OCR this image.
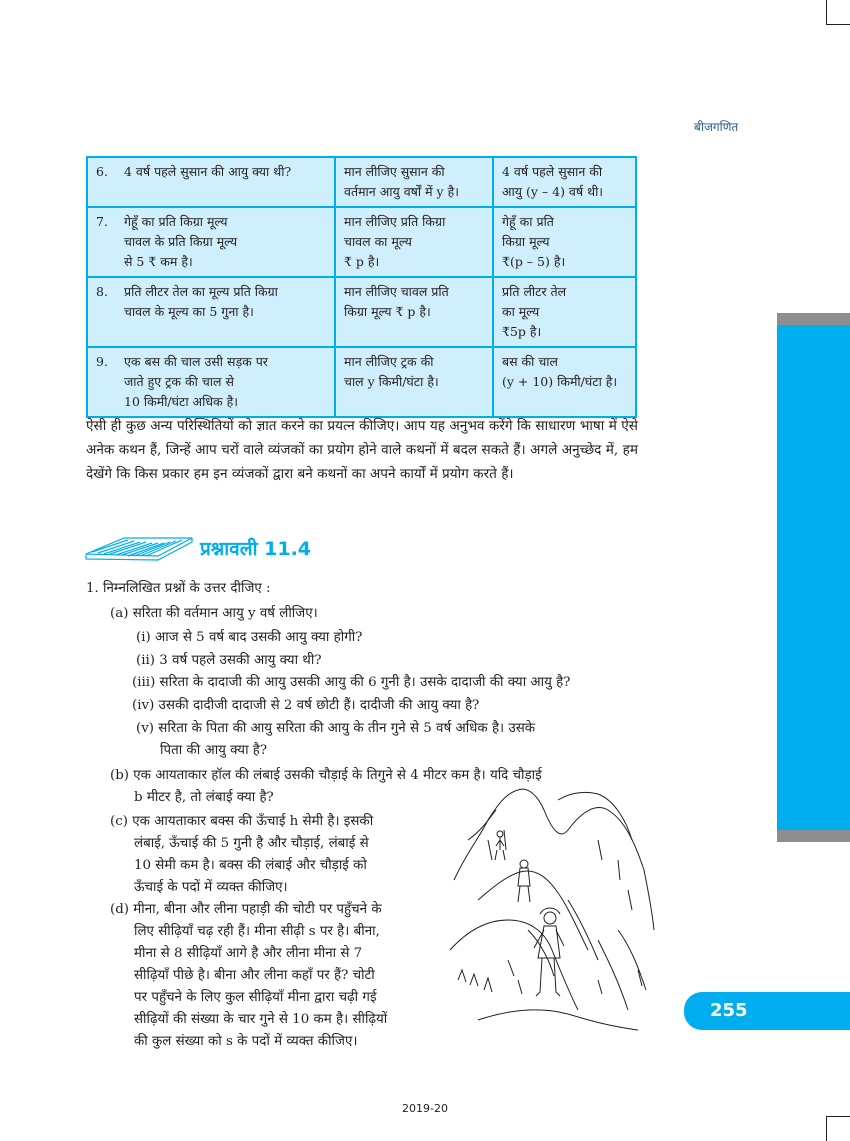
बीजगणित
6. 4 वर्ष पहले सुसान की आयु क्या थी?	मान लीजिए सुसान की
वर्तमान आयु वर्षों में y है।	4 वर्ष पहले सुसान की
आयु (y – 4) वर्ष थी।
7. गेहूँ का प्रति किग्रा मूल्य
चावल के प्रति किग्रा मूल्य
से 5 ₹ कम है।	मान लीजिए प्रति किग्रा
चावल का मूल्य
₹ p है।	गेहूँ का प्रति
किग्रा मूल्य
₹(p – 5) है।
8. प्रति लीटर तेल का मूल्य प्रति किग्रा
चावल के मूल्य का 5 गुना है।	मान लीजिए चावल प्रति
किग्रा मूल्य ₹ p है।	प्रति लीटर तेल
का मूल्य
₹5p है।
9. एक बस की चाल उसी सड़क पर
जाते हुए ट्रक की चाल से
10 किमी/घंटा अधिक है।	मान लीजिए ट्रक की
चाल y किमी/घंटा है।	बस की चाल
(y + 10) किमी/घंटा है।
ऐसी ही कुछ अन्य परिस्थितियों को ज्ञात करने का प्रयत्न कीजिए। आप यह अनुभव करेंगे कि साधारण भाषा में ऐसे अनेक कथन हैं, जिन्हें आप चरों वाले व्यंजकों का प्रयोग होने वाले कथनों में बदल सकते हैं। अगले अनुच्छेद में, हम देखेंगे कि किस प्रकार हम इन व्यंजकों द्वारा बने कथनों का अपने कार्यों में प्रयोग करते हैं।
प्रश्नावली 11.4
1. निम्नलिखित प्रश्नों के उत्तर दीजिए :
(a) सरिता की वर्तमान आयु y वर्ष लीजिए।
(i) आज से 5 वर्ष बाद उसकी आयु क्या होगी?
(ii) 3 वर्ष पहले उसकी आयु क्या थी?
(iii) सरिता के दादाजी की आयु उसकी आयु की 6 गुनी है। उसके दादाजी की क्या आयु है?
(iv) उसकी दादीजी दादाजी से 2 वर्ष छोटी हैं। दादीजी की आयु क्या है?
(v) सरिता के पिता की आयु सरिता की आयु के तीन गुने से 5 वर्ष अधिक है। उसके
पिता की आयु क्या है?
(b) एक आयताकार हॉल की लंबाई उसकी चौड़ाई के तिगुने से 4 मीटर कम है। यदि चौड़ाई
b मीटर है, तो लंबाई क्या है?
(c) एक आयताकार बक्स की ऊँचाई h सेमी है। इसकी
लंबाई, ऊँचाई की 5 गुनी है और चौड़ाई, लंबाई से
10 सेमी कम है। बक्स की लंबाई और चौड़ाई को
ऊँचाई के पदों में व्यक्त कीजिए।
(d) मीना, बीना और लीना पहाड़ी की चोटी पर पहुँचने के
लिए सीढ़ियाँ चढ़ रही हैं। मीना सीढ़ी s पर है। बीना,
मीना से 8 सीढ़ियाँ आगे है और लीना मीना से 7
सीढ़ियाँ पीछे है। बीना और लीना कहाँ पर हैं? चोटी
पर पहुँचने के लिए कुल सीढ़ियाँ मीना द्वारा चढ़ी गई
सीढ़ियों की संख्या के चार गुने से 10 कम है। सीढ़ियों
की कुल संख्या को s के पदों में व्यक्त कीजिए।
255
2019-20
